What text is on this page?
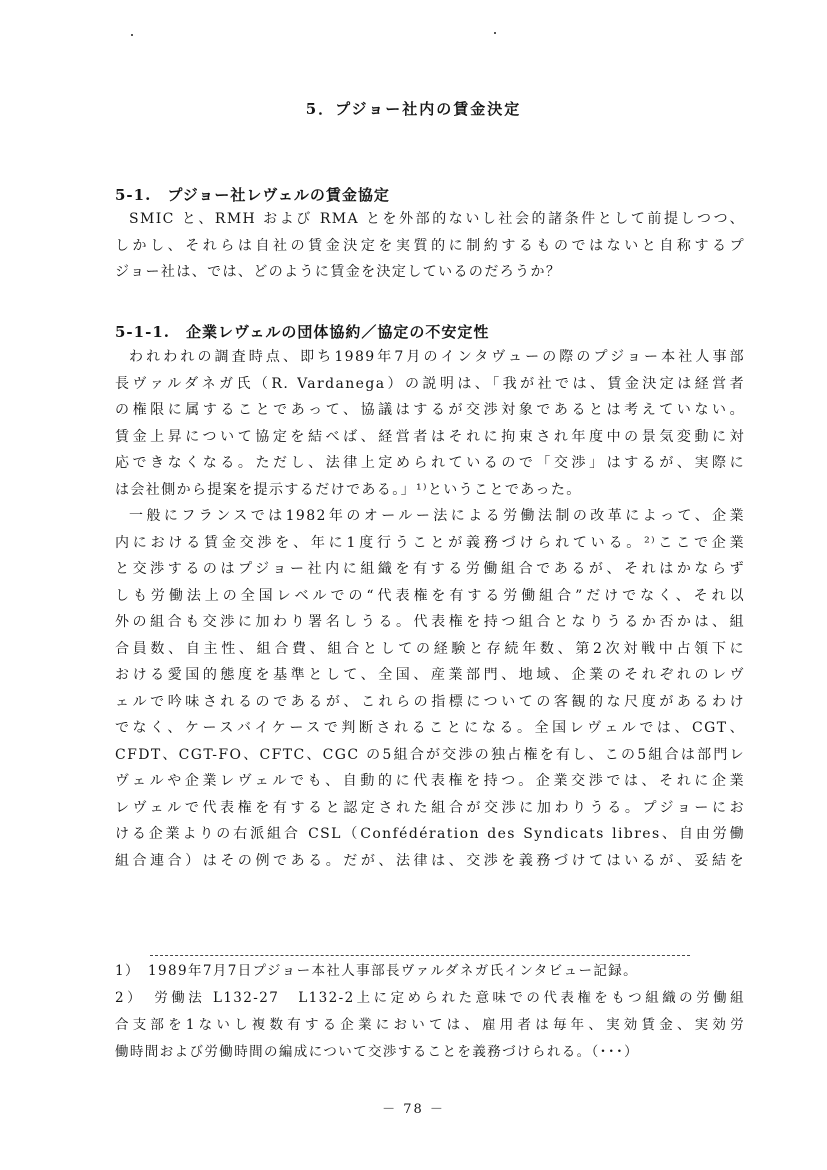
5．プジョー社内の賃金決定
5-1.　プジョー社レヴェルの賃金協定
SMIC と、RMH および RMA とを外部的ないし社会的諸条件として前提しつつ、
しかし、それらは自社の賃金決定を実質的に制約するものではないと自称するプ
ジョー社は、では、どのように賃金を決定しているのだろうか？
5-1-1.　企業レヴェルの団体協約／協定の不安定性
われわれの調査時点、即ち1989年7月のインタヴューの際のプジョー本社人事部
長ヴァルダネガ氏（R. Vardanega）の説明は、「我が社では、賃金決定は経営者
の権限に属することであって、協議はするが交渉対象であるとは考えていない。
賃金上昇について協定を結べば、経営者はそれに拘束され年度中の景気変動に対
応できなくなる。ただし、法律上定められているので「交渉」はするが、実際に
は会社側から提案を提示するだけである。」¹⁾ということであった。
一般にフランスでは1982年のオールー法による労働法制の改革によって、企業
内における賃金交渉を、年に1度行うことが義務づけられている。²⁾ここで企業
と交渉するのはプジョー社内に組織を有する労働組合であるが、それはかならず
しも労働法上の全国レベルでの“代表権を有する労働組合”だけでなく、それ以
外の組合も交渉に加わり署名しうる。代表権を持つ組合となりうるか否かは、組
合員数、自主性、組合費、組合としての経験と存続年数、第2次対戦中占領下に
おける愛国的態度を基準として、全国、産業部門、地域、企業のそれぞれのレヴ
ェルで吟味されるのであるが、これらの指標についての客観的な尺度があるわけ
でなく、ケースバイケースで判断されることになる。全国レヴェルでは、CGT、
CFDT、CGT-FO、CFTC、CGC の5組合が交渉の独占権を有し、この5組合は部門レ
ヴェルや企業レヴェルでも、自動的に代表権を持つ。企業交渉では、それに企業
レヴェルで代表権を有すると認定された組合が交渉に加わりうる。プジョーにお
ける企業よりの右派組合 CSL（Confédération des Syndicats libres、自由労働
組合連合）はその例である。だが、法律は、交渉を義務づけてはいるが、妥結を
1）　1989年7月7日プジョー本社人事部長ヴァルダネガ氏インタビュー記録。
2）　労働法 L132-27　L132-2上に定められた意味での代表権をもつ組織の労働組
合支部を1ないし複数有する企業においては、雇用者は毎年、実効賃金、実効労
働時間および労働時間の編成について交渉することを義務づけられる。（･･･）
－ 78 －
